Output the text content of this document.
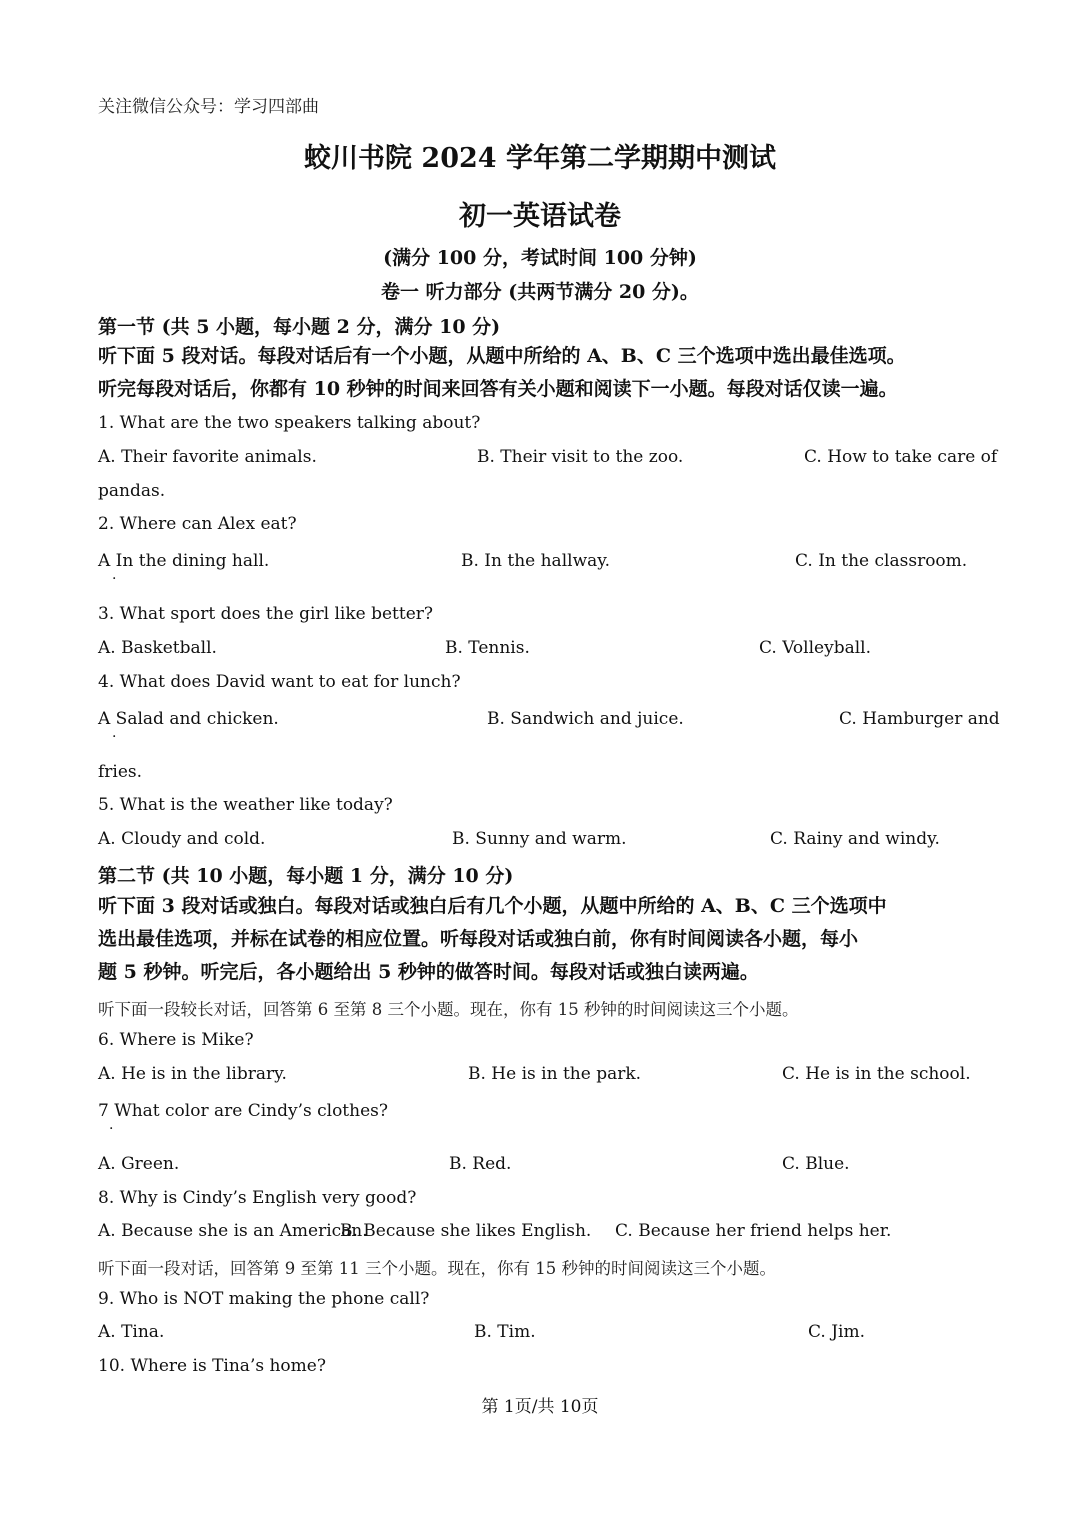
关注微信公众号：学习四部曲
蛟川书院 2024 学年第二学期期中测试
初一英语试卷
(满分 100 分，考试时间 100 分钟)
卷一 听力部分 (共两节满分 20 分)。
第一节 (共 5 小题，每小题 2 分，满分 10 分)
听下面 5 段对话。每段对话后有一个小题，从题中所给的 A、B、C 三个选项中选出最佳选项。
听完每段对话后，你都有 10 秒钟的时间来回答有关小题和阅读下一小题。每段对话仅读一遍。
1. What are the two speakers talking about?
A. Their favorite animals.	B. Their visit to the zoo.	C. How to take care of
pandas.
2. Where can Alex eat?
A In the dining hall.	B. In the hallway.	C. In the classroom.
·
3. What sport does the girl like better?
A. Basketball.	B. Tennis.	C. Volleyball.
4. What does David want to eat for lunch?
A Salad and chicken.	B. Sandwich and juice.	C. Hamburger and
·
fries.
5. What is the weather like today?
A. Cloudy and cold.	B. Sunny and warm.	C. Rainy and windy.
第二节 (共 10 小题，每小题 1 分，满分 10 分)
听下面 3 段对话或独白。每段对话或独白后有几个小题，从题中所给的 A、B、C 三个选项中
选出最佳选项，并标在试卷的相应位置。听每段对话或独白前，你有时间阅读各小题，每小
题 5 秒钟。听完后，各小题给出 5 秒钟的做答时间。每段对话或独白读两遍。
听下面一段较长对话，回答第 6 至第 8 三个小题。现在，你有 15 秒钟的时间阅读这三个小题。
6. Where is Mike?
A. He is in the library.	B. He is in the park.	C. He is in the school.
7 What color are Cindy’s clothes?
·
A. Green.	B. Red.	C. Blue.
8. Why is Cindy’s English very good?
A. Because she is an American.
B. Because she likes English. C. Because her friend helps her.
听下面一段对话，回答第 9 至第 11 三个小题。现在，你有 15 秒钟的时间阅读这三个小题。
9. Who is NOT making the phone call?
A. Tina.	B. Tim.	C. Jim.
10. Where is Tina’s home?
第 1页/共 10页
